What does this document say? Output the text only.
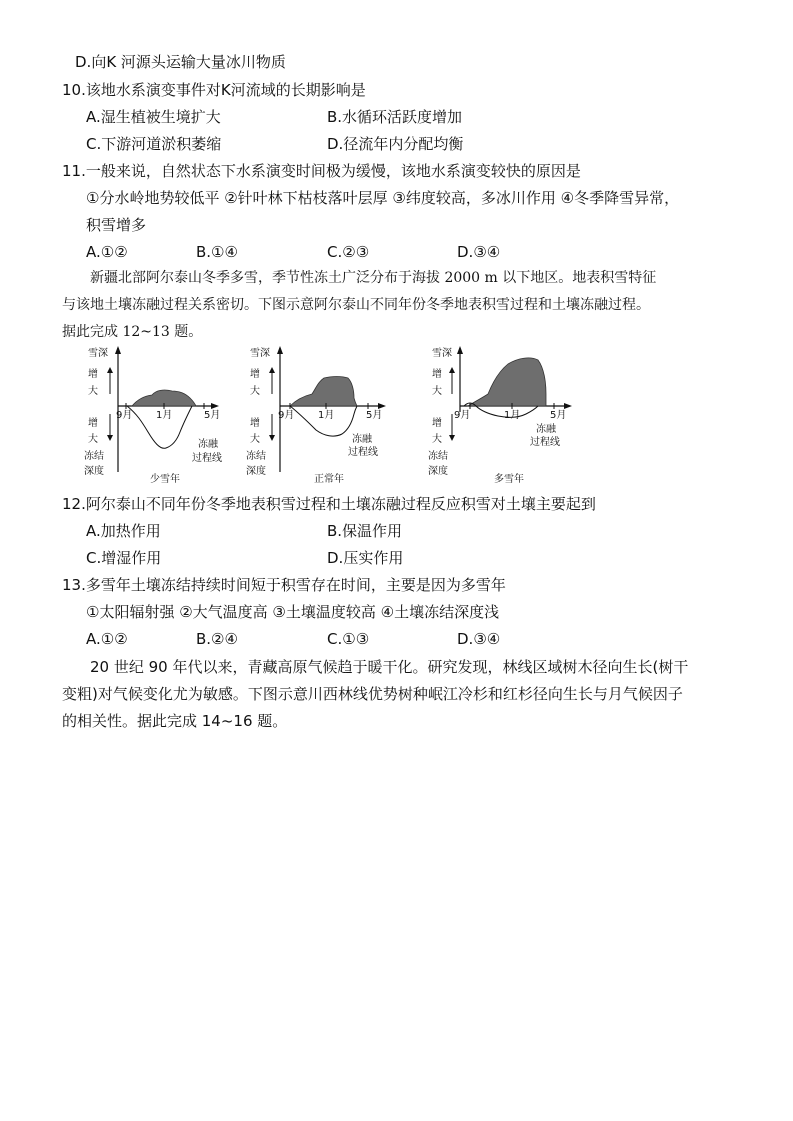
D.向K 河源头运输大量冰川物质
10.该地水系演变事件对K河流域的长期影响是
A.湿生植被生境扩大	B.水循环活跃度增加
C.下游河道淤积萎缩	D.径流年内分配均衡
11.一般来说，自然状态下水系演变时间极为缓慢，该地水系演变较快的原因是
①分水岭地势较低平 ②针叶林下枯枝落叶层厚 ③纬度较高，多冰川作用 ④冬季降雪异常，
积雪增多
A.①②	B.①④	C.②③	D.③④
新疆北部阿尔泰山冬季多雪，季节性冻土广泛分布于海拔 2000 m 以下地区。地表积雪特征
与该地土壤冻融过程关系密切。下图示意阿尔泰山不同年份冬季地表积雪过程和土壤冻融过程。
据此完成 12~13 题。
雪深
增
大
增
大
冻结
深度
9月 1月	5月
冻融
过程线
少雪年
雪深
增
大
增
大
冻结
深度
9月 1月	5月
冻融
过程线
正常年
雪深
增
大
增
大
冻结
深度
9月	1月	5月
冻融
过程线
多雪年
12.阿尔泰山不同年份冬季地表积雪过程和土壤冻融过程反应积雪对土壤主要起到
A.加热作用	B.保温作用
C.增湿作用	D.压实作用
13.多雪年土壤冻结持续时间短于积雪存在时间，主要是因为多雪年
①太阳辐射强 ②大气温度高 ③土壤温度较高 ④土壤冻结深度浅
A.①②	B.②④	C.①③	D.③④
20 世纪 90 年代以来，青藏高原气候趋于暖干化。研究发现，林线区域树木径向生长(树干
变粗)对气候变化尤为敏感。下图示意川西林线优势树种岷江冷杉和红杉径向生长与月气候因子
的相关性。据此完成 14~16 题。
